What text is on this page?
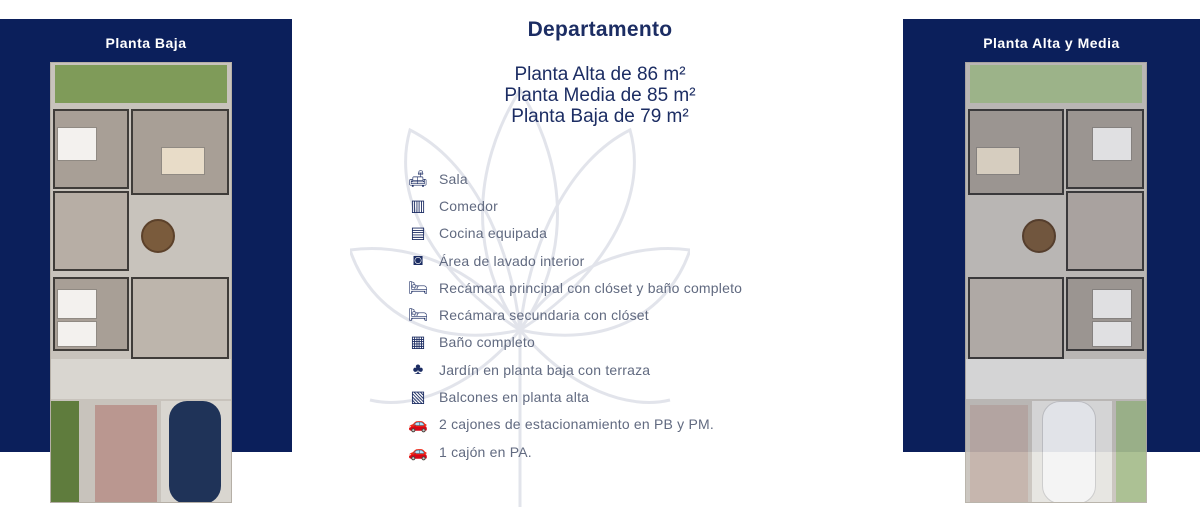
Planta Baja	Planta Alta y Media
Departamento
Planta Alta de 86 m²
Planta Media de 85 m²
Planta Baja de 79 m²
🛋 Sala
▥ Comedor
▤ Cocina equipada
◙	Área de lavado interior
🛏 Recámara principal con clóset y baño completo
🛏 Recámara secundaria con clóset
▦ Baño completo
♣	Jardín en planta baja con terraza
▧ Balcones en planta alta
🚗 2 cajones de estacionamiento en PB y PM.
🚗 1 cajón en PA.
